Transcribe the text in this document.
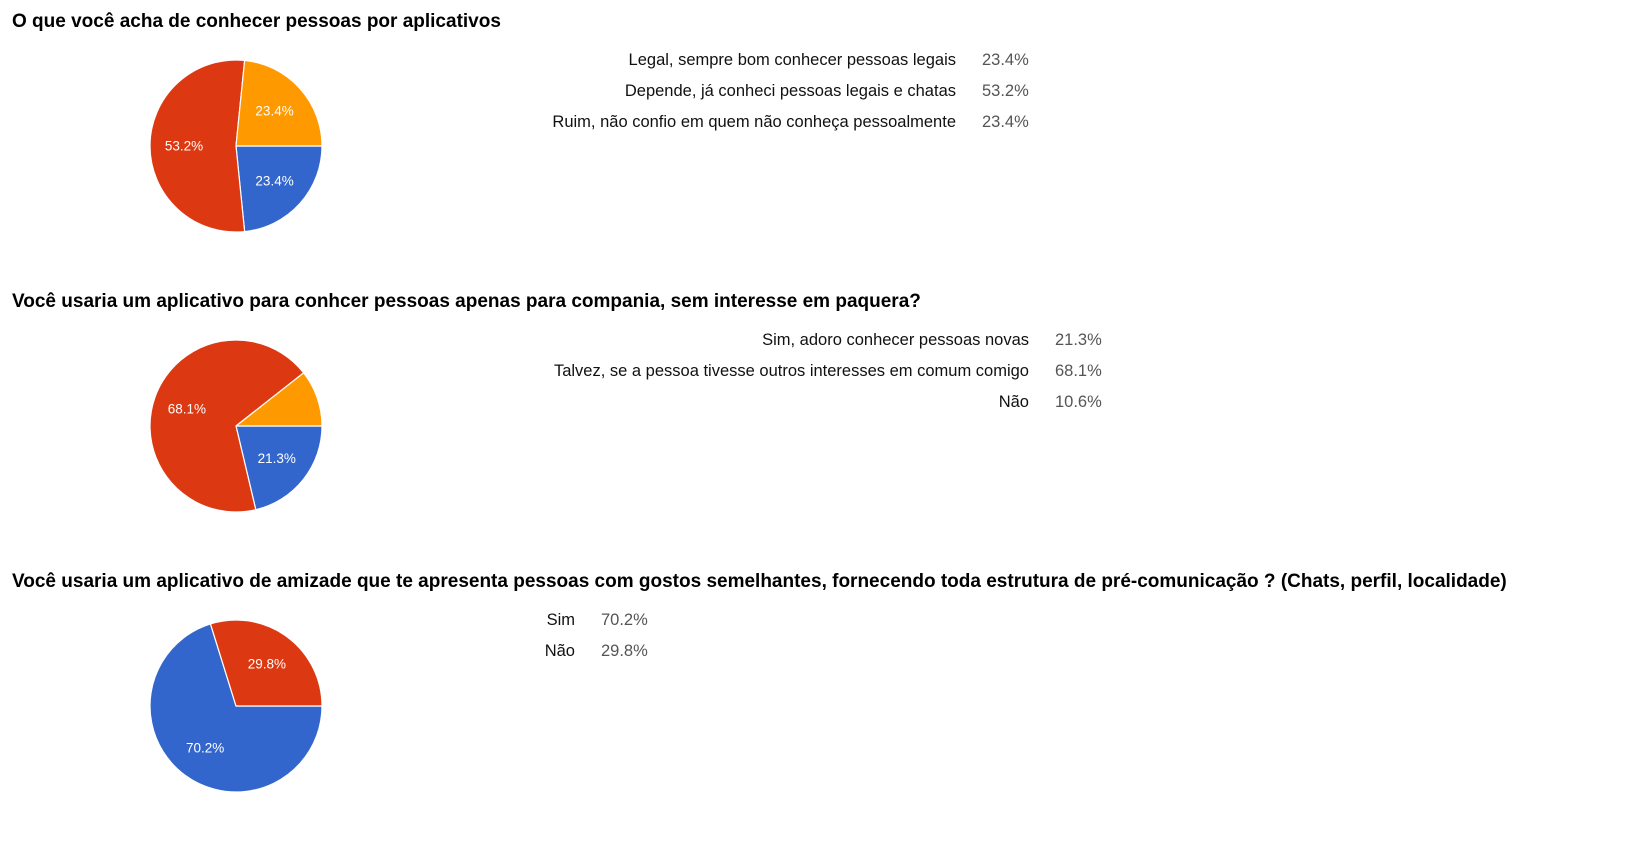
O que você acha de conhecer pessoas por aplicativos
23.4%
53.2%
23.4%
Legal, sempre bom conhecer pessoas legais 23.4%
Depende, já conheci pessoas legais e chatas 53.2%
Ruim, não confio em quem não conheça pessoalmente 23.4%
Você usaria um aplicativo para conhcer pessoas apenas para compania, sem interesse em paquera?
21.3%
68.1%
Sim, adoro conhecer pessoas novas 21.3%
Talvez, se a pessoa tivesse outros interesses em comum comigo 68.1%
Não 10.6%
Você usaria um aplicativo de amizade que te apresenta pessoas com gostos semelhantes, fornecendo toda estrutura de pré-comunicação ? (Chats, perfil, localidade)
70.2%
29.8%
Sim 70.2%
Não 29.8%
